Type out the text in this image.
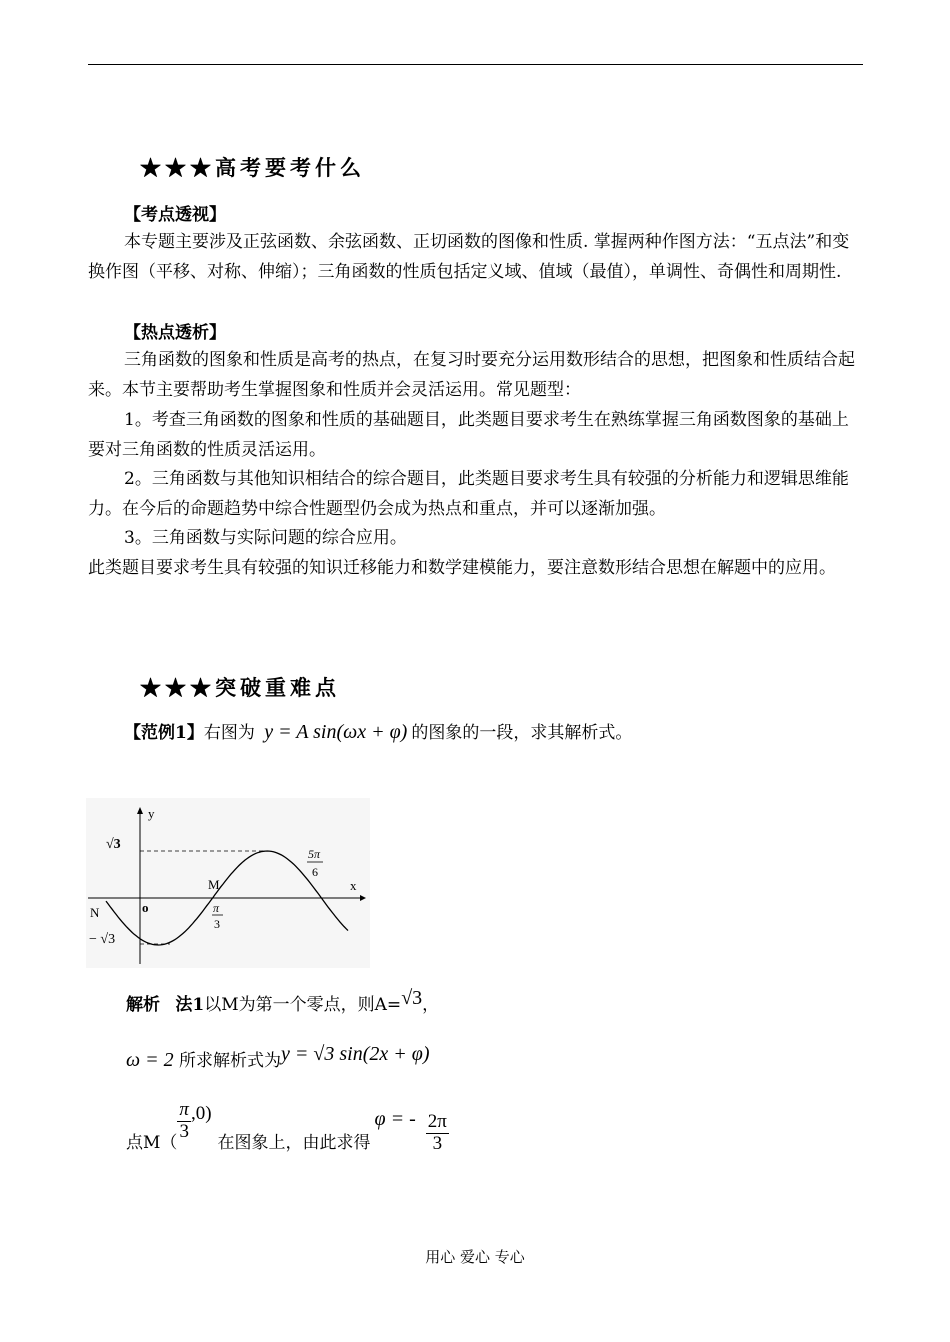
★★★高考要考什么
【考点透视】
本专题主要涉及正弦函数、余弦函数、正切函数的图像和性质. 掌握两种作图方法：“五点法”和变换作图（平移、对称、伸缩）；三角函数的性质包括定义域、值域（最值），单调性、奇偶性和周期性.
【热点透析】
三角函数的图象和性质是高考的热点，在复习时要充分运用数形结合的思想，把图象和性质结合起来。本节主要帮助考生掌握图象和性质并会灵活运用。常见题型：
1。考查三角函数的图象和性质的基础题目，此类题目要求考生在熟练掌握三角函数图象的基础上要对三角函数的性质灵活运用。
2。三角函数与其他知识相结合的综合题目，此类题目要求考生具有较强的分析能力和逻辑思维能力。在今后的命题趋势中综合性题型仍会成为热点和重点，并可以逐渐加强。
3。三角函数与实际问题的综合应用。
此类题目要求考生具有较强的知识迁移能力和数学建模能力，要注意数形结合思想在解题中的应用。
★★★突破重难点
【范例1】右图为 y = A sin(ωx + φ) 的图象的一段，求其解析式。
y
x
o
N
M
√3
− √3
π
3
5π
6
解析 法1以M为第一个零点，则A=√3，
ω = 2 所求解析式为y = √3 sin(2x + φ)
点$M( \frac{\pi}{3} ,0)$
在图象上，由此求得
φ = - $\frac{2\pi}{3}$
用心 爱心 专心
